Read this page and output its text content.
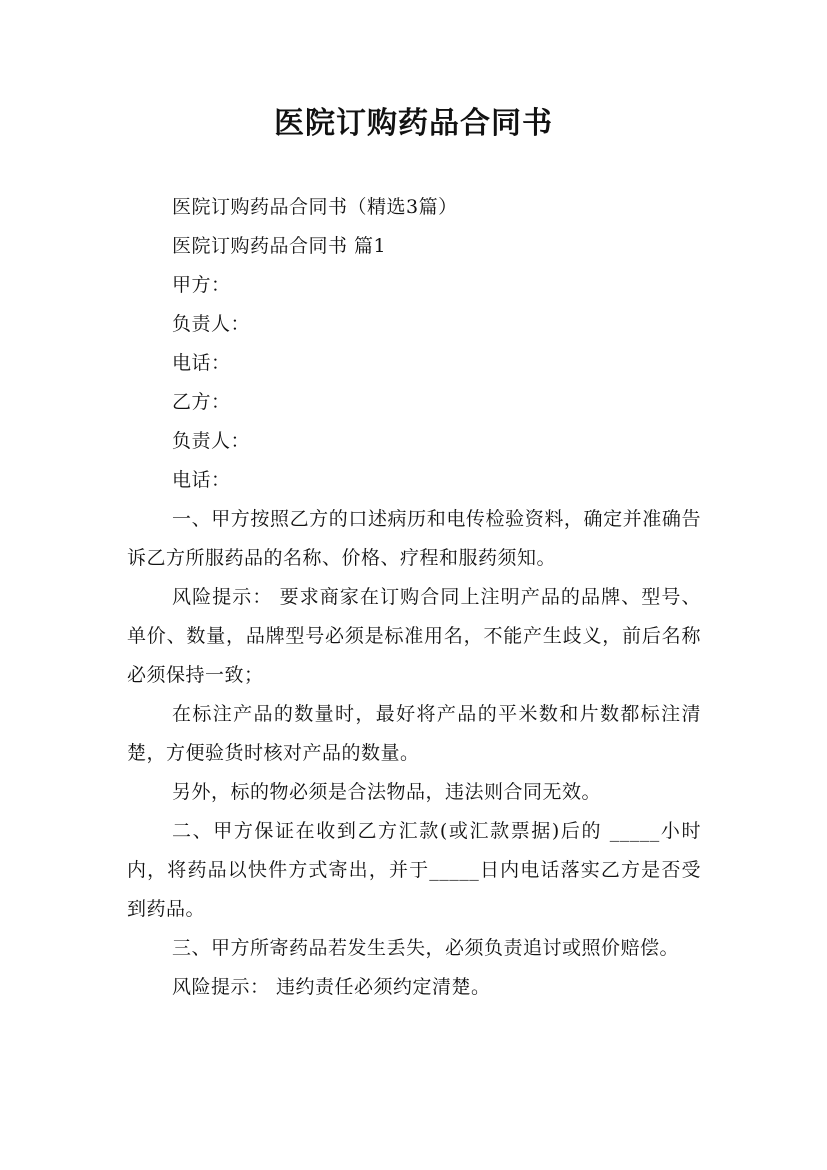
医院订购药品合同书

医院订购药品合同书（精选3篇）

医院订购药品合同书 篇1

甲方：

负责人：

电话：

乙方：

负责人：

电话：

一、甲方按照乙方的口述病历和电传检验资料，确定并准确告诉乙方所服药品的名称、价格、疗程和服药须知。

风险提示： 要求商家在订购合同上注明产品的品牌、型号、单价、数量，品牌型号必须是标准用名，不能产生歧义，前后名称必须保持一致；

在标注产品的数量时，最好将产品的平米数和片数都标注清楚，方便验货时核对产品的数量。

另外，标的物必须是合法物品，违法则合同无效。

二、甲方保证在收到乙方汇款(或汇款票据)后的 _____小时内，将药品以快件方式寄出，并于_____日内电话落实乙方是否受到药品。

三、甲方所寄药品若发生丢失，必须负责追讨或照价赔偿。

风险提示： 违约责任必须约定清楚。
